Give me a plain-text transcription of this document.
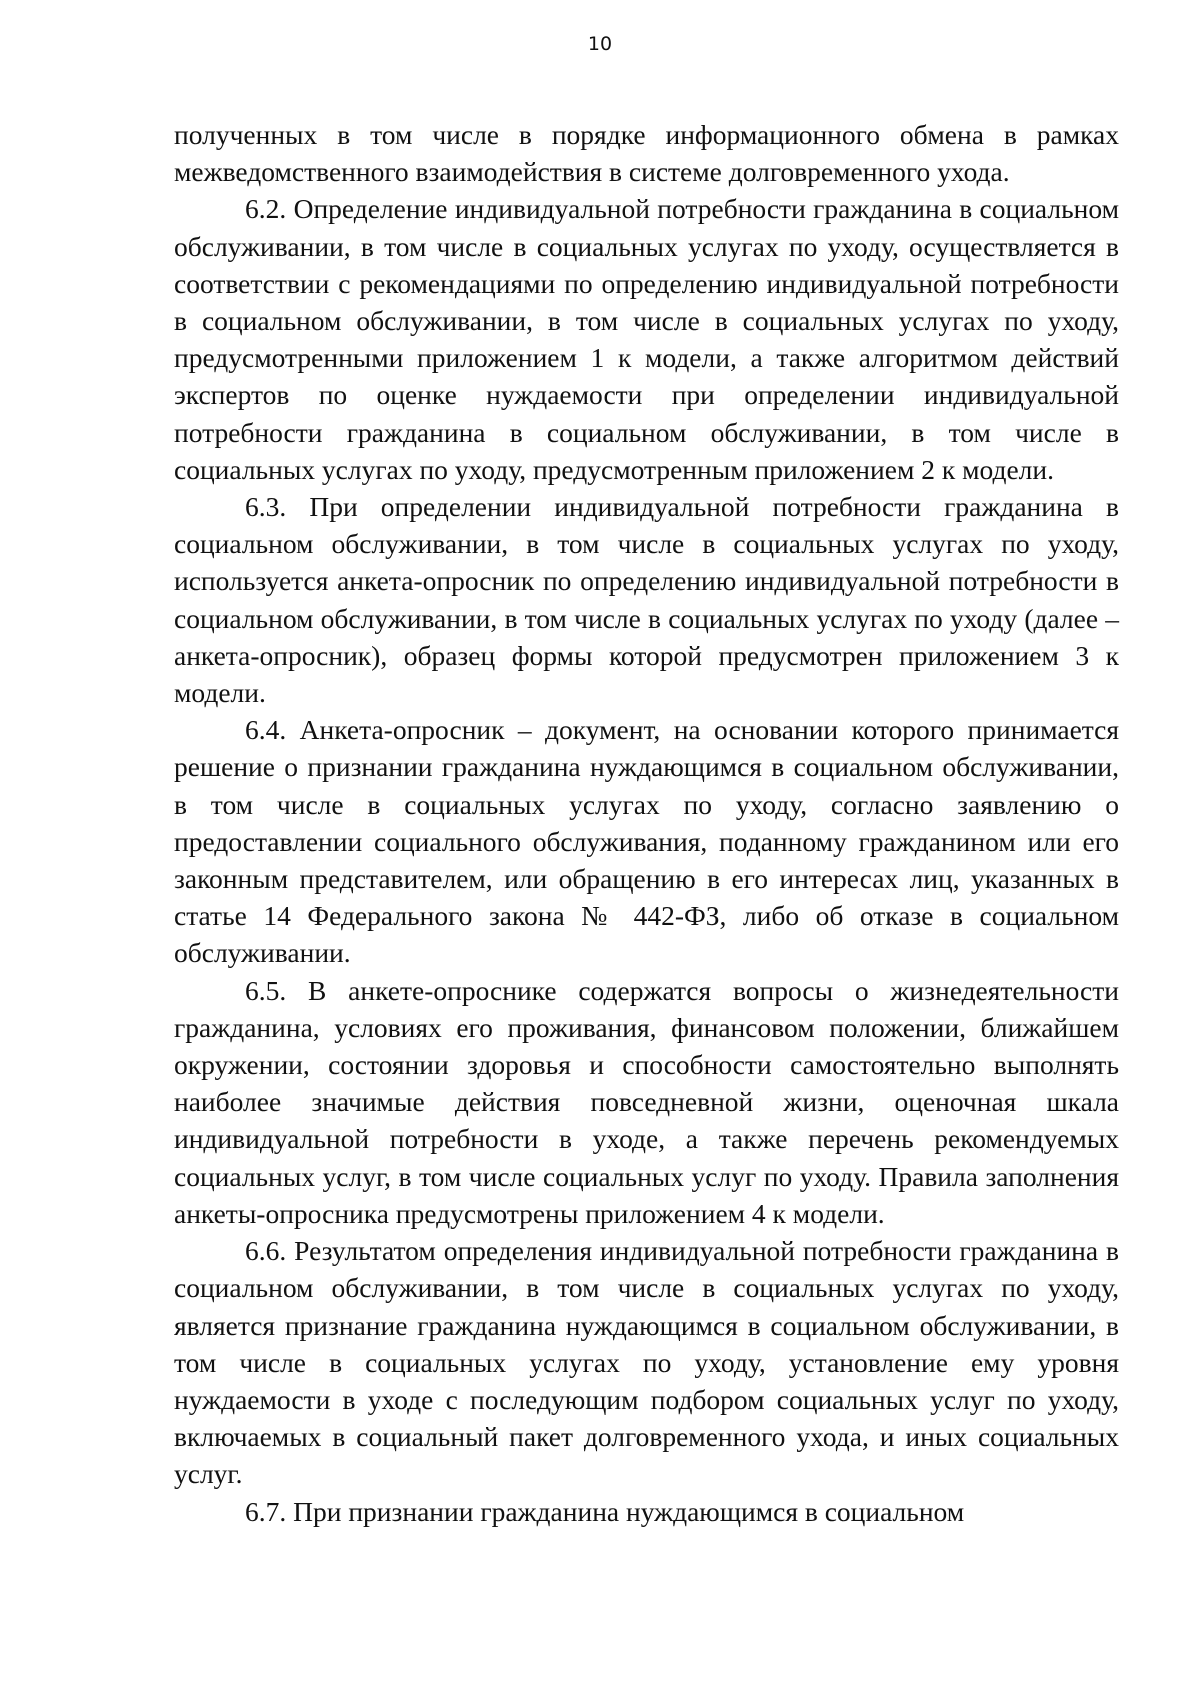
10

полученных в том числе в порядке информационного обмена в рамках межведомственного взаимодействия в системе долговременного ухода.

6.2. Определение индивидуальной потребности гражданина в социальном обслуживании, в том числе в социальных услугах по уходу, осуществляется в соответствии с рекомендациями по определению индивидуальной потребности в социальном обслуживании, в том числе в социальных услугах по уходу, предусмотренными приложением 1 к модели, а также алгоритмом действий экспертов по оценке нуждаемости при определении индивидуальной потребности гражданина в социальном обслуживании, в том числе в социальных услугах по уходу, предусмотренным приложением 2 к модели.

6.3. При определении индивидуальной потребности гражданина в социальном обслуживании, в том числе в социальных услугах по уходу, используется анкета-опросник по определению индивидуальной потребности в социальном обслуживании, в том числе в социальных услугах по уходу (далее – анкета-опросник), образец формы которой предусмотрен приложением 3 к модели.

6.4. Анкета-опросник – документ, на основании которого принимается решение о признании гражданина нуждающимся в социальном обслуживании, в том числе в социальных услугах по уходу, согласно заявлению о предоставлении социального обслуживания, поданному гражданином или его законным представителем, или обращению в его интересах лиц, указанных в статье 14 Федерального закона № 442-ФЗ, либо об отказе в социальном обслуживании.

6.5. В анкете-опроснике содержатся вопросы о жизнедеятельности гражданина, условиях его проживания, финансовом положении, ближайшем окружении, состоянии здоровья и способности самостоятельно выполнять наиболее значимые действия повседневной жизни, оценочная шкала индивидуальной потребности в уходе, а также перечень рекомендуемых социальных услуг, в том числе социальных услуг по уходу. Правила заполнения анкеты-опросника предусмотрены приложением 4 к модели.

6.6. Результатом определения индивидуальной потребности гражданина в социальном обслуживании, в том числе в социальных услугах по уходу, является признание гражданина нуждающимся в социальном обслуживании, в том числе в социальных услугах по уходу, установление ему уровня нуждаемости в уходе с последующим подбором социальных услуг по уходу, включаемых в социальный пакет долговременного ухода, и иных социальных услуг.

6.7. При признании гражданина нуждающимся в социальном
